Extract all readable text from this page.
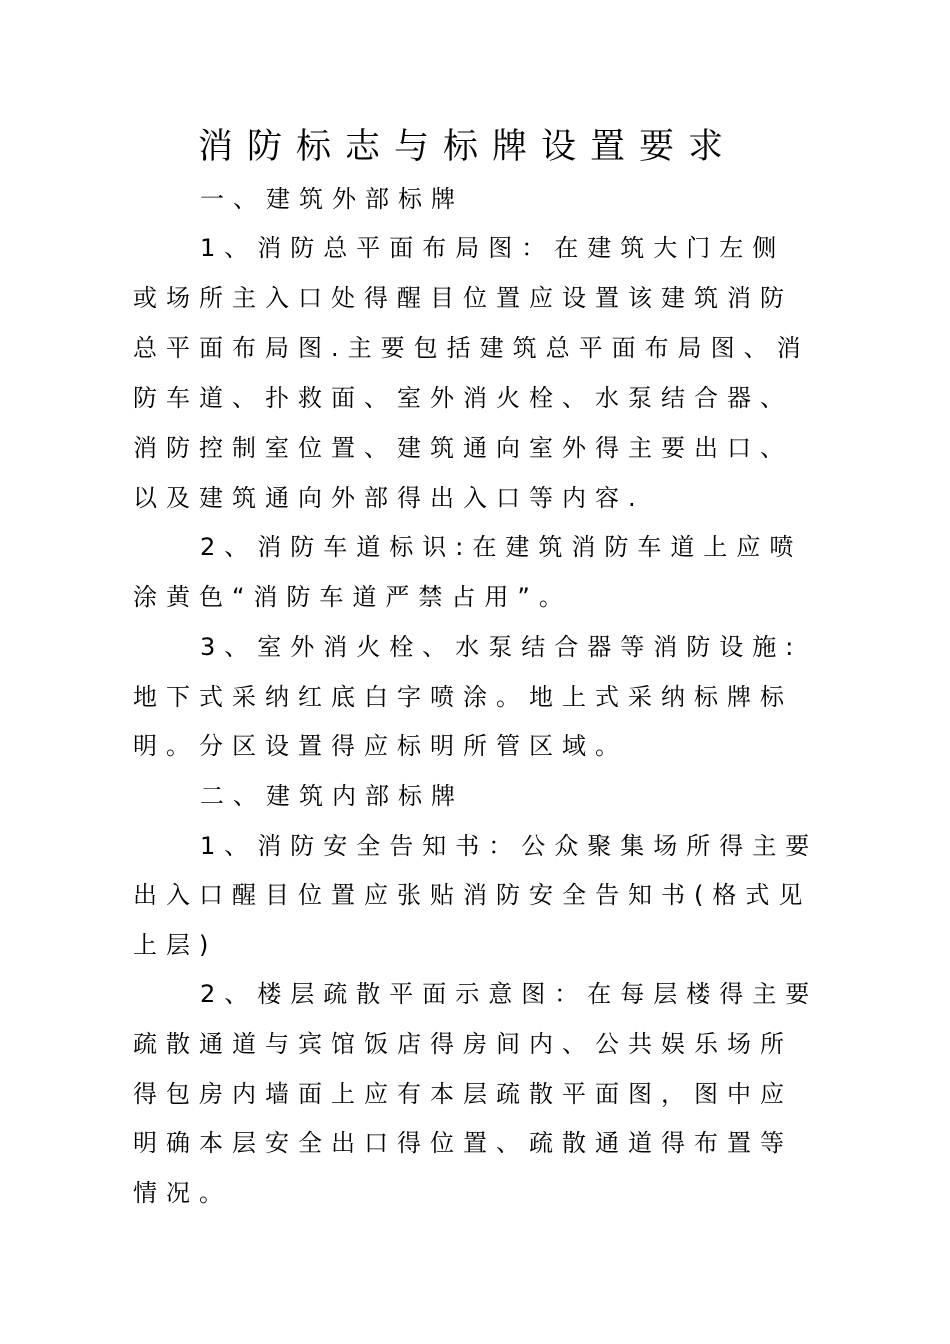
消防标志与标牌设置要求

一、建筑外部标牌

1、消防总平面布局图：在建筑大门左侧

或场所主入口处得醒目位置应设置该建筑消防

总平面布局图.主要包括建筑总平面布局图、消

防车道、扑救面、室外消火栓、水泵结合器、

消防控制室位置、建筑通向室外得主要出口、

以及建筑通向外部得出入口等内容.

2、消防车道标识:在建筑消防车道上应喷

涂黄色“消防车道严禁占用”。

3、室外消火栓、水泵结合器等消防设施:

地下式采纳红底白字喷涂。地上式采纳标牌标

明。分区设置得应标明所管区域。

二、建筑内部标牌

1、消防安全告知书：公众聚集场所得主要

出入口醒目位置应张贴消防安全告知书(格式见

上层)

2、楼层疏散平面示意图：在每层楼得主要

疏散通道与宾馆饭店得房间内、公共娱乐场所

得包房内墙面上应有本层疏散平面图，图中应

明确本层安全出口得位置、疏散通道得布置等

情况。
